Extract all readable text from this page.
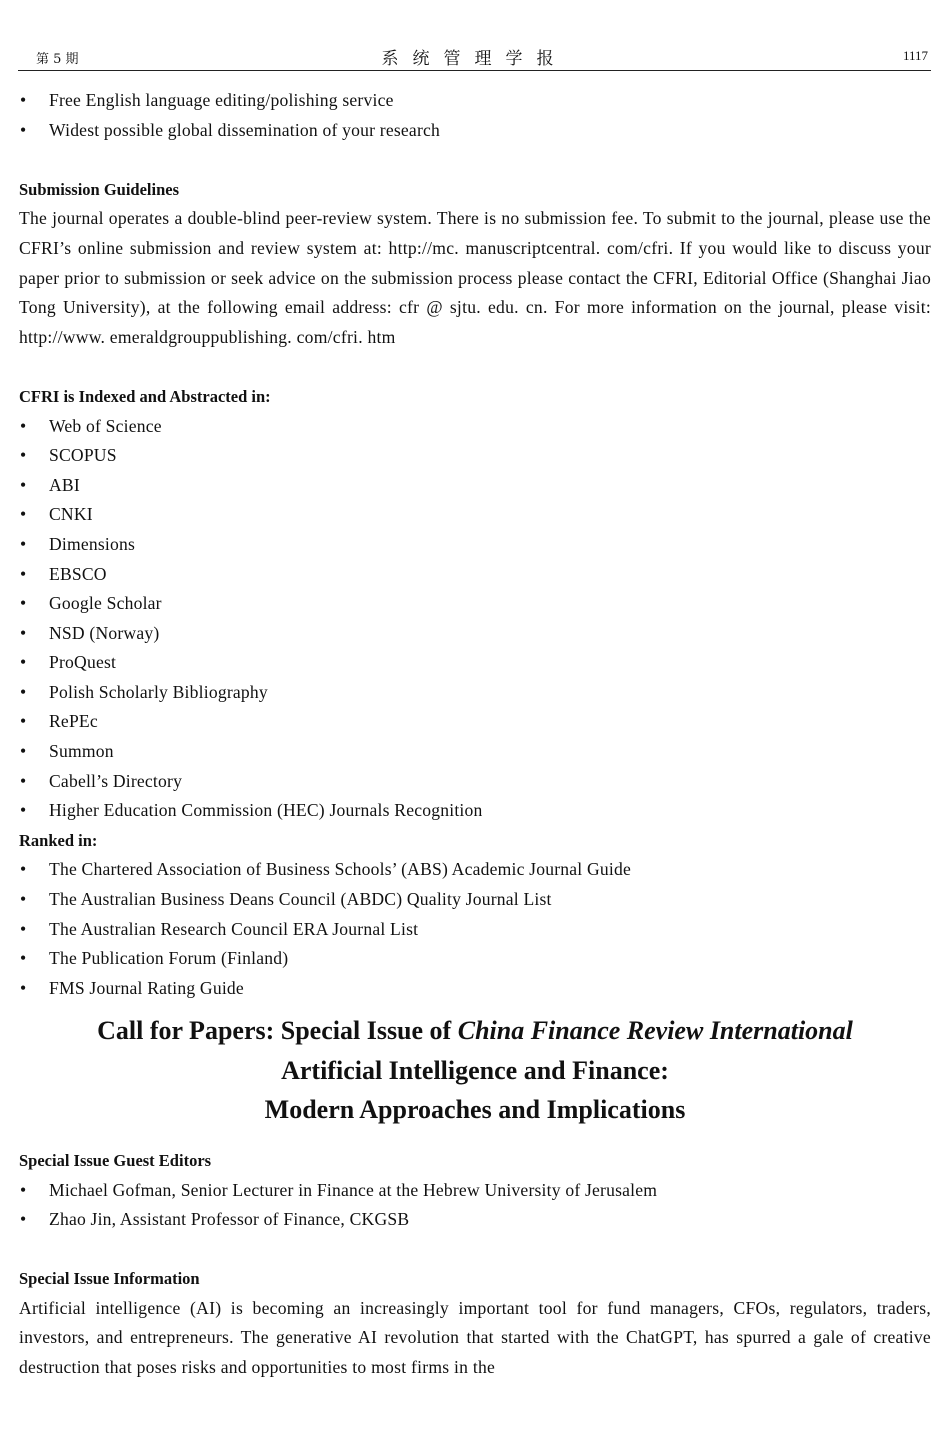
第 5 期	系统管理学报	1117
• Free English language editing/polishing service
• Widest possible global dissemination of your research
Submission Guidelines
The journal operates a double-blind peer-review system. There is no submission fee. To submit to the journal, please use the CFRI’s online submission and review system at: http://mc. manuscriptcentral. com/cfri. If you would like to discuss your paper prior to submission or seek advice on the submission process please contact the CFRI, Editorial Office (Shanghai Jiao Tong University), at the following email address: cfr @ sjtu. edu. cn. For more information on the journal, please visit: http://www. emeraldgrouppublishing. com/cfri. htm
CFRI is Indexed and Abstracted in:
• Web of Science
• SCOPUS
• ABI
• CNKI
• Dimensions
• EBSCO
• Google Scholar
• NSD (Norway)
• ProQuest
• Polish Scholarly Bibliography
• RePEc
• Summon
• Cabell’s Directory
• Higher Education Commission (HEC) Journals Recognition
Ranked in:
• The Chartered Association of Business Schools’ (ABS) Academic Journal Guide
• The Australian Business Deans Council (ABDC) Quality Journal List
• The Australian Research Council ERA Journal List
• The Publication Forum (Finland)
• FMS Journal Rating Guide
Call for Papers: Special Issue of China Finance Review International
Artificial Intelligence and Finance:
Modern Approaches and Implications
Special Issue Guest Editors
• Michael Gofman, Senior Lecturer in Finance at the Hebrew University of Jerusalem
• Zhao Jin, Assistant Professor of Finance, CKGSB
Special Issue Information
Artificial intelligence (AI) is becoming an increasingly important tool for fund managers, CFOs, regulators, traders, investors, and entrepreneurs. The generative AI revolution that started with the ChatGPT, has spurred a gale of creative destruction that poses risks and opportunities to most firms in the
